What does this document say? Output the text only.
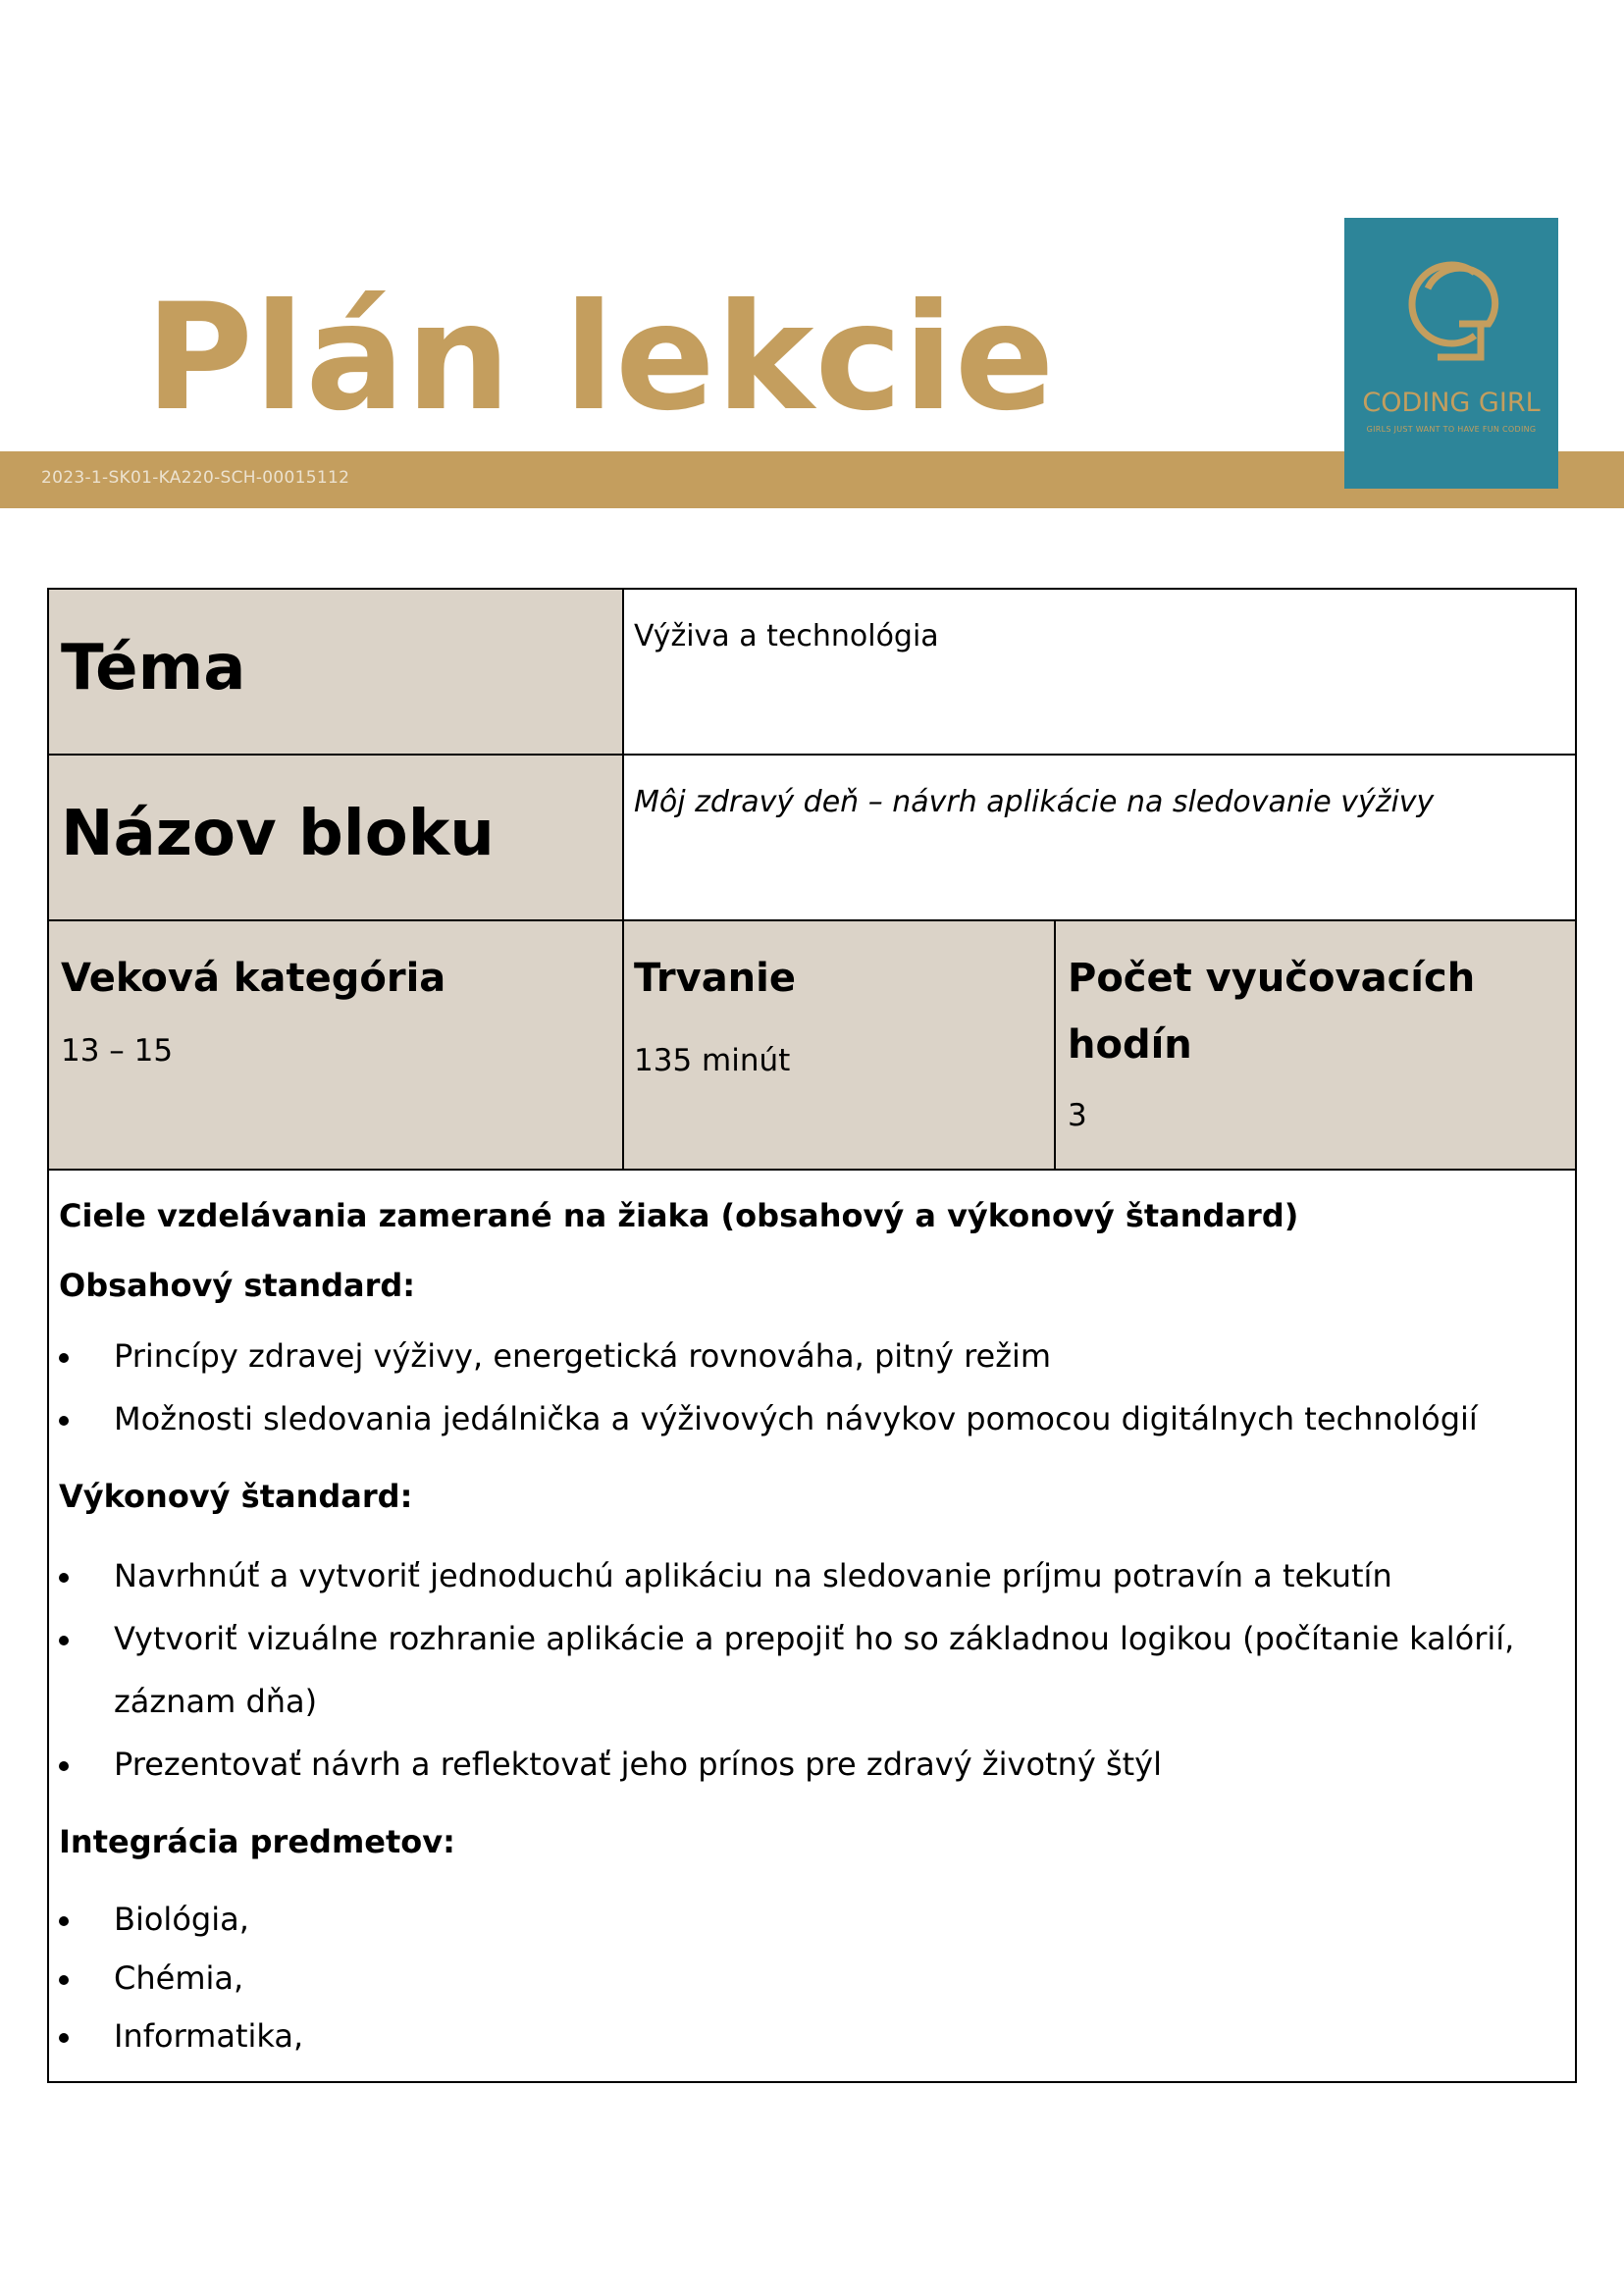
Plán lekcie
2023-1-SK01-KA220-SCH-00015112
CODING GIRL
GIRLS JUST WANT TO HAVE FUN CODING
Téma	Výživa a technológia
Názov bloku	Môj zdravý deň – návrh aplikácie na sledovanie výživy
Veková kategória
13 – 15
Trvanie
135 minút
Počet vyučovacích
hodín
3

Ciele vzdelávania zamerané na žiaka (obsahový a výkonový štandard)

Obsahový standard:

Princípy zdravej výživy, energetická rovnováha, pitný režim
Možnosti sledovania jedálnička a výživových návykov pomocou digitálnych technológií

Výkonový štandard:

Navrhnúť a vytvoriť jednoduchú aplikáciu na sledovanie príjmu potravín a tekutín
Vytvoriť vizuálne rozhranie aplikácie a prepojiť ho so základnou logikou (počítanie kalórií,
záznam dňa)
Prezentovať návrh a reflektovať jeho prínos pre zdravý životný štýl

Integrácia predmetov:

Biológia,
Chémia,
Informatika,
